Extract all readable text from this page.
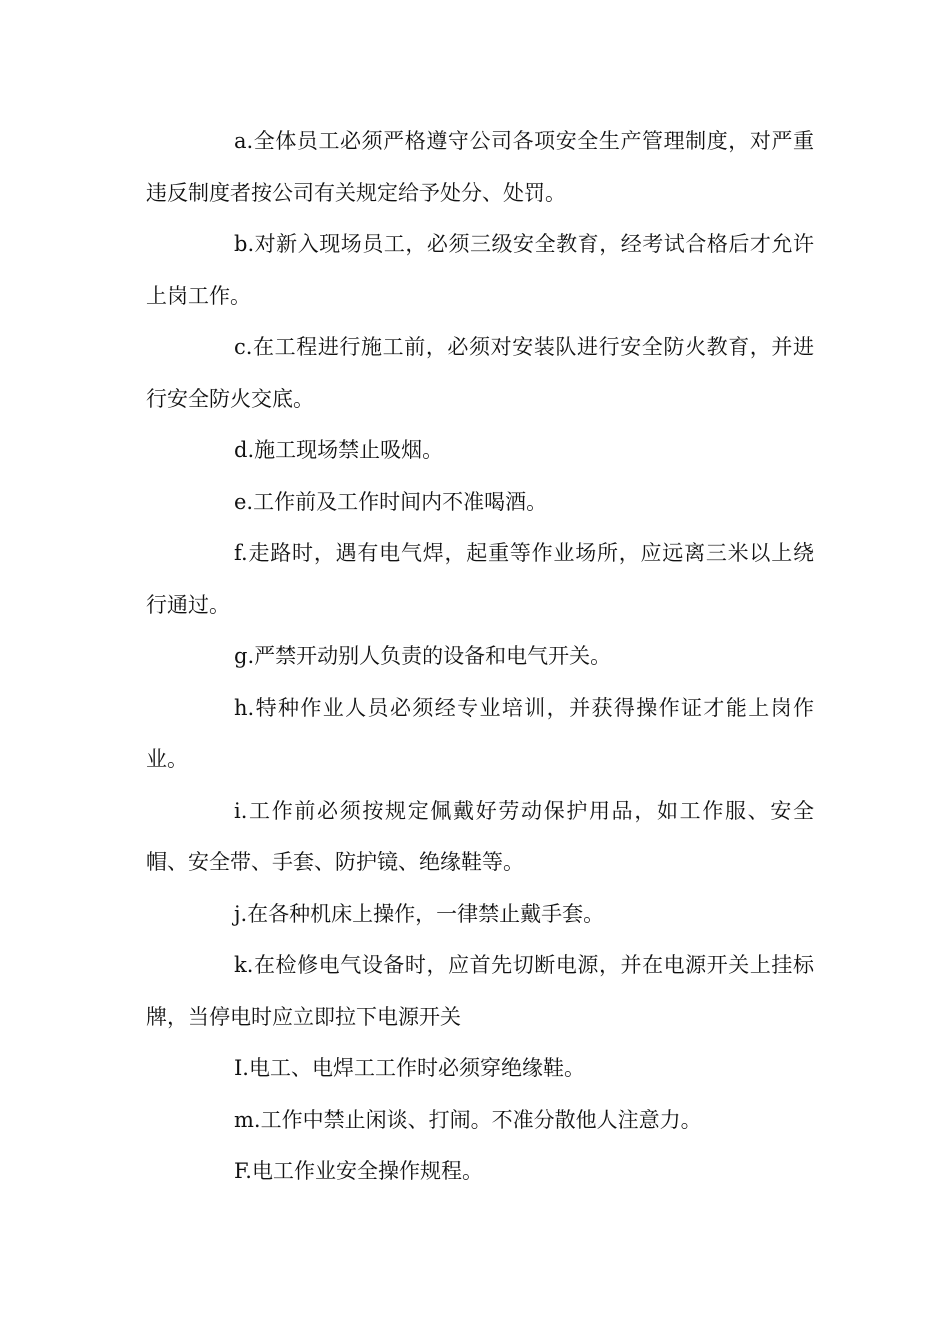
a.全体员工必须严格遵守公司各项安全生产管理制度，对严重违反制度者按公司有关规定给予处分、处罚。

b.对新入现场员工，必须三级安全教育，经考试合格后才允许上岗工作。

c.在工程进行施工前，必须对安装队进行安全防火教育，并进行安全防火交底。

d.施工现场禁止吸烟。

e.工作前及工作时间内不准喝酒。

f.走路时，遇有电气焊，起重等作业场所，应远离三米以上绕行通过。

g.严禁开动别人负责的设备和电气开关。

h.特种作业人员必须经专业培训，并获得操作证才能上岗作业。

i.工作前必须按规定佩戴好劳动保护用品，如工作服、安全帽、安全带、手套、防护镜、绝缘鞋等。

j.在各种机床上操作，一律禁止戴手套。

k.在检修电气设备时，应首先切断电源，并在电源开关上挂标牌，当停电时应立即拉下电源开关

I.电工、电焊工工作时必须穿绝缘鞋。

m.工作中禁止闲谈、打闹。不准分散他人注意力。

F.电工作业安全操作规程。
